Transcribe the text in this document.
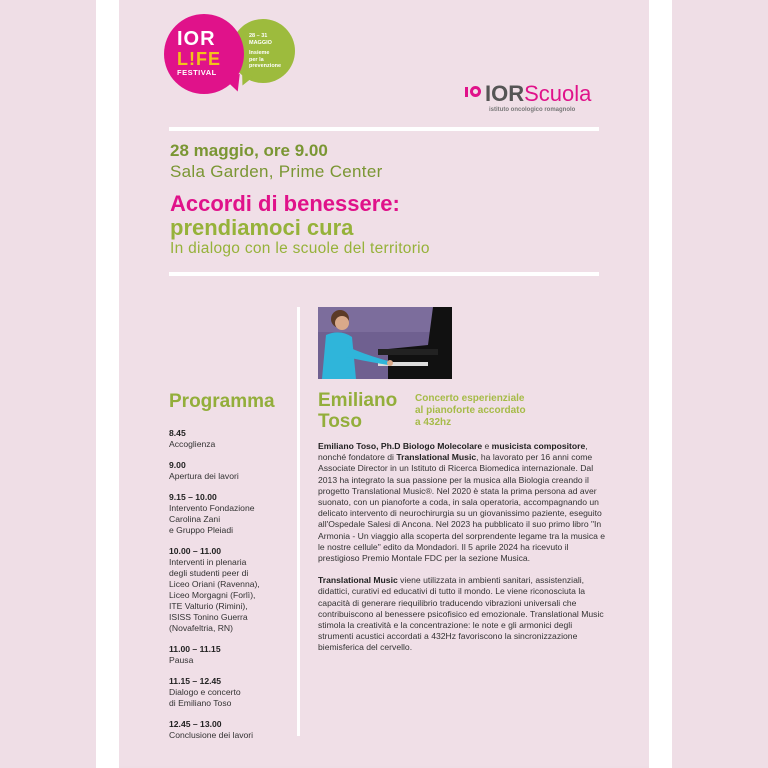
IOR
L!FE
FESTIVAL
28 – 31
MAGGIO
Insieme
per la
prevenzione
IORScuola
istituto oncologico romagnolo
28 maggio, ore 9.00
Sala Garden, Prime Center
Accordi di benessere:
prendiamoci cura
In dialogo con le scuole del territorio
Programma
8.45
Accoglienza
9.00
Apertura dei lavori
9.15 – 10.00
Intervento Fondazione
Carolina Zani
e Gruppo Pleiadi
10.00 – 11.00
Interventi in plenaria
degli studenti peer di
Liceo Oriani (Ravenna),
Liceo Morgagni (Forlì),
ITE Valturio (Rimini),
ISISS Tonino Guerra
(Novafeltria, RN)
11.00 – 11.15
Pausa
11.15 – 12.45
Dialogo e concerto
di Emiliano Toso
12.45 – 13.00
Conclusione dei lavori
Emiliano
Toso
Concerto esperienziale
al pianoforte accordato
a 432hz

Emiliano Toso, Ph.D Biologo Molecolare e musicista compositore, nonché fondatore di Translational Music, ha lavorato per 16 anni come Associate Director in un Istituto di Ricerca Biomedica internazionale. Dal 2013 ha integrato la sua passione per la musica alla Biologia creando il progetto Translational Music®. Nel 2020 è stata la prima persona ad aver suonato, con un pianoforte a coda, in sala operatoria, accompagnando un delicato intervento di neurochirurgia su un giovanissimo paziente, eseguito all'Ospedale Salesi di Ancona. Nel 2023 ha pubblicato il suo primo libro "In Armonia - Un viaggio alla scoperta del sorprendente legame tra la musica e le nostre cellule" edito da Mondadori. Il 5 aprile 2024 ha ricevuto il prestigioso Premio Montale FDC per la sezione Musica.

Translational Music viene utilizzata in ambienti sanitari, assistenziali, didattici, curativi ed educativi di tutto il mondo. Le viene riconosciuta la capacità di generare riequilibrio traducendo vibrazioni universali che contribuiscono al benessere psicofisico ed emozionale. Translational Music stimola la creatività e la concentrazione: le note e gli armonici degli strumenti acustici accordati a 432Hz favoriscono la sincronizzazione biemisferica del cervello.
